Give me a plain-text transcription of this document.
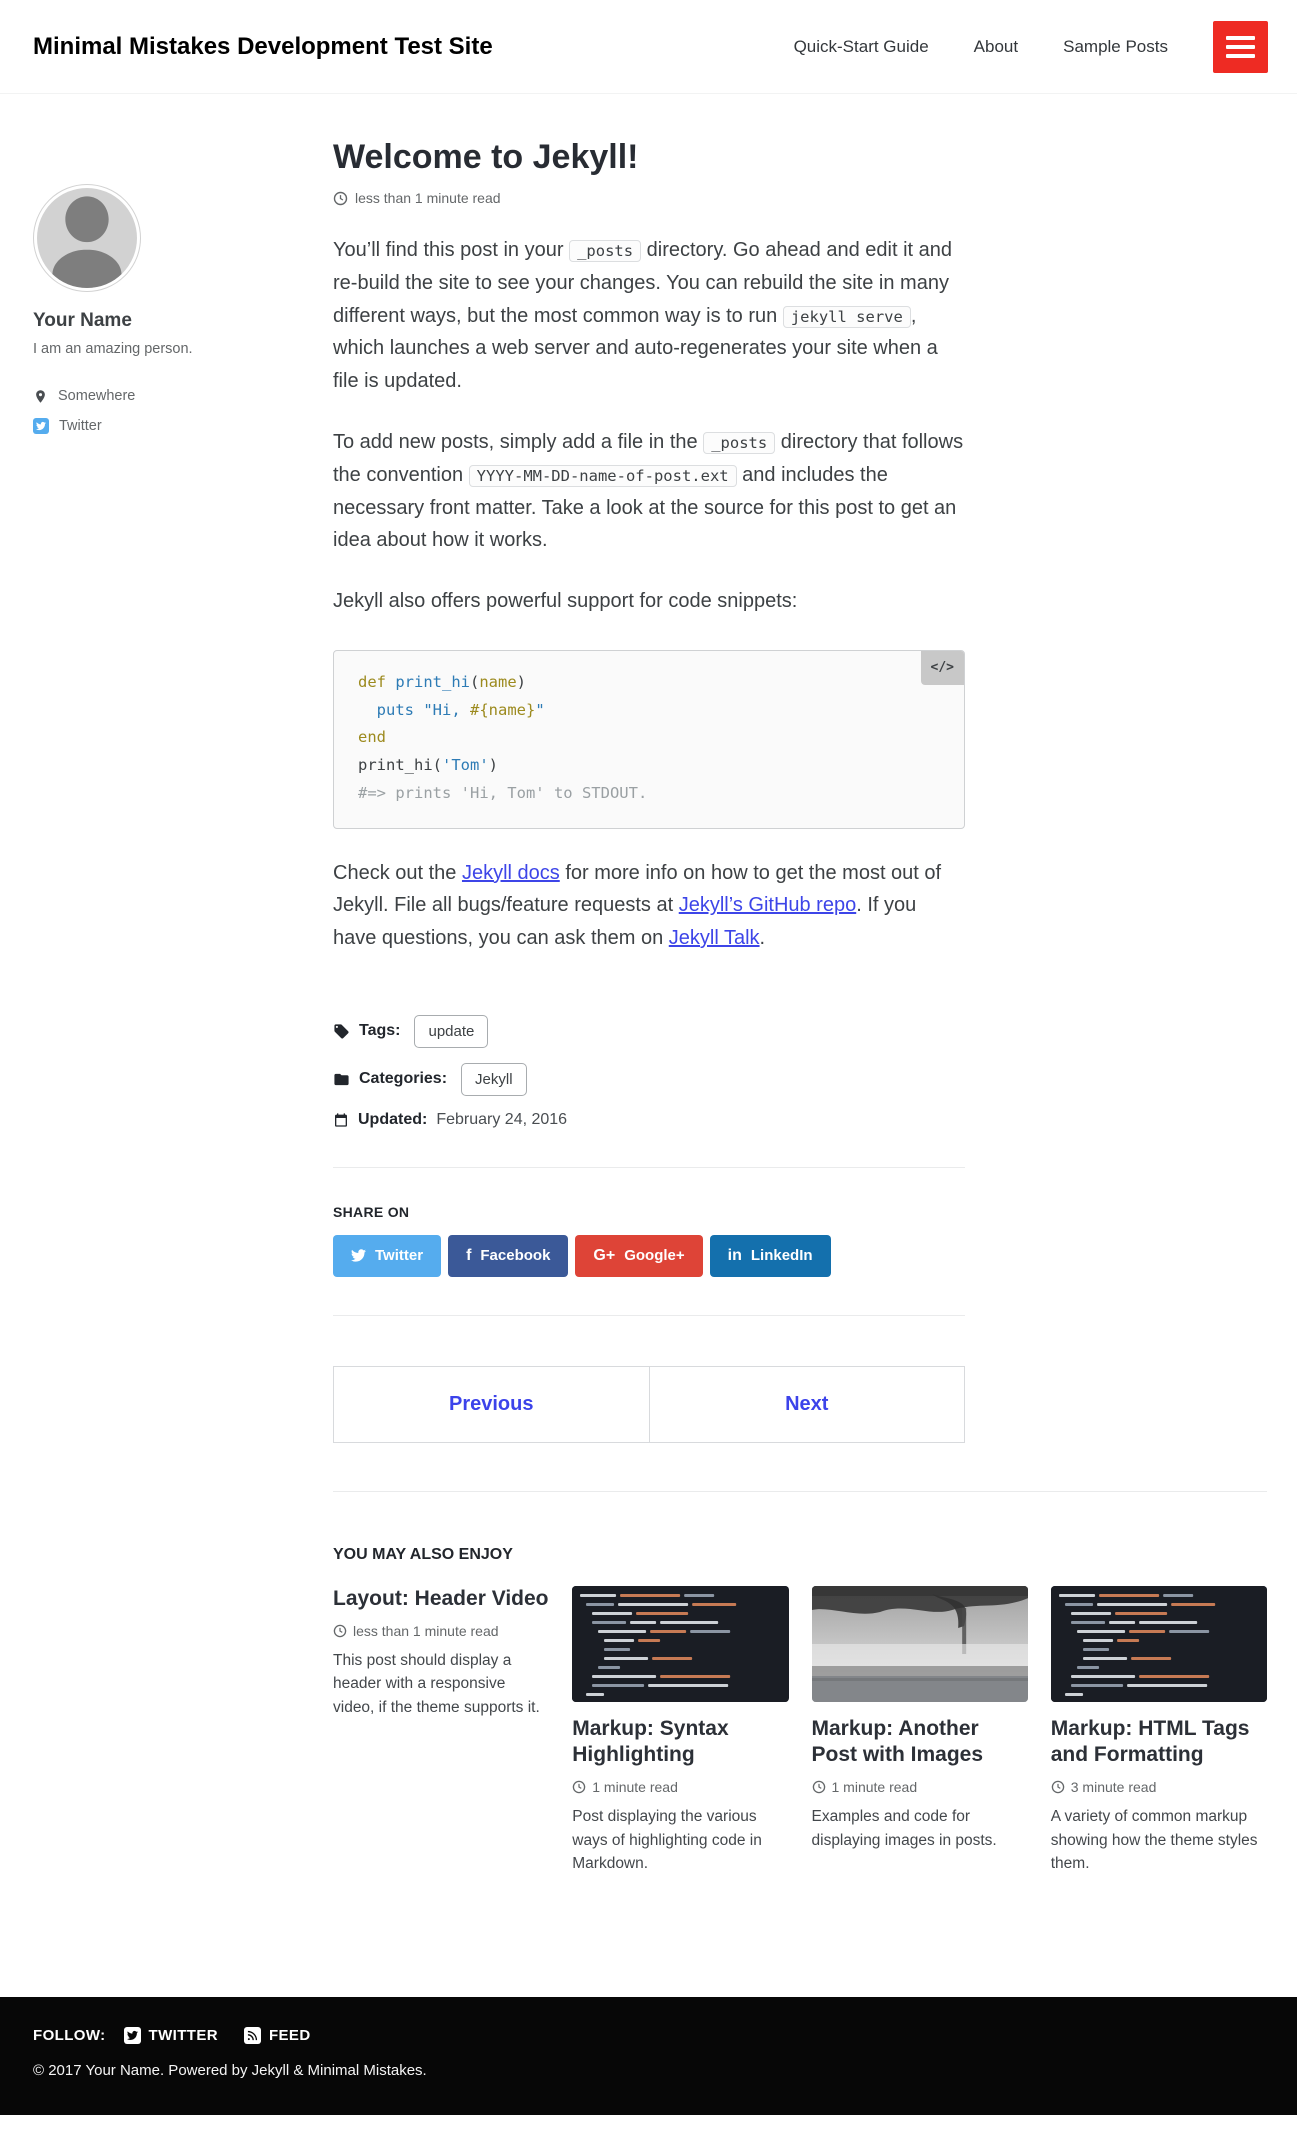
Minimal Mistakes Development Test Site	Quick-Start Guide	About	Sample Posts
Your Name
I am an amazing person.
Somewhere
Twitter
Welcome to Jekyll!
less than 1 minute read

You’ll find this post in your _posts directory. Go ahead and edit it and re-build the site to see your changes. You can rebuild the site in many different ways, but the most common way is to run jekyll serve , which launches a web server and auto-regenerates your site when a file is updated.

To add new posts, simply add a file in the _posts directory that follows the convention YYYY-MM-DD-name-of-post.ext and includes the necessary front matter. Take a look at the source for this post to get an idea about how it works.

Jekyll also offers powerful support for code snippets:

</>
def print_hi(name)
puts "Hi, #{name}"
end
print_hi('Tom')
#=> prints 'Hi, Tom' to STDOUT.

Check out the Jekyll docs for more info on how to get the most out of Jekyll. File all bugs/feature requests at Jekyll’s GitHub repo. If you have questions, you can ask them on Jekyll Talk.

Tags:	update
Categories:	Jekyll
Updated: February 24, 2016
SHARE ON
Twitter	f Facebook	G+ Google+	in LinkedIn
Previous	Next
YOU MAY ALSO ENJOY
Layout: Header Video
less than 1 minute read

This post should display a header with a responsive video, if the theme supports it.

Markup: Syntax Highlighting
1 minute read

Post displaying the various ways of highlighting code in Markdown.

Markup: Another Post with Images
1 minute read

Examples and code for displaying images in posts.

Markup: HTML Tags and Formatting
3 minute read

A variety of common markup showing how the theme styles them.

FOLLOW:	TWITTER	FEED
© 2017 Your Name. Powered by Jekyll & Minimal Mistakes.
